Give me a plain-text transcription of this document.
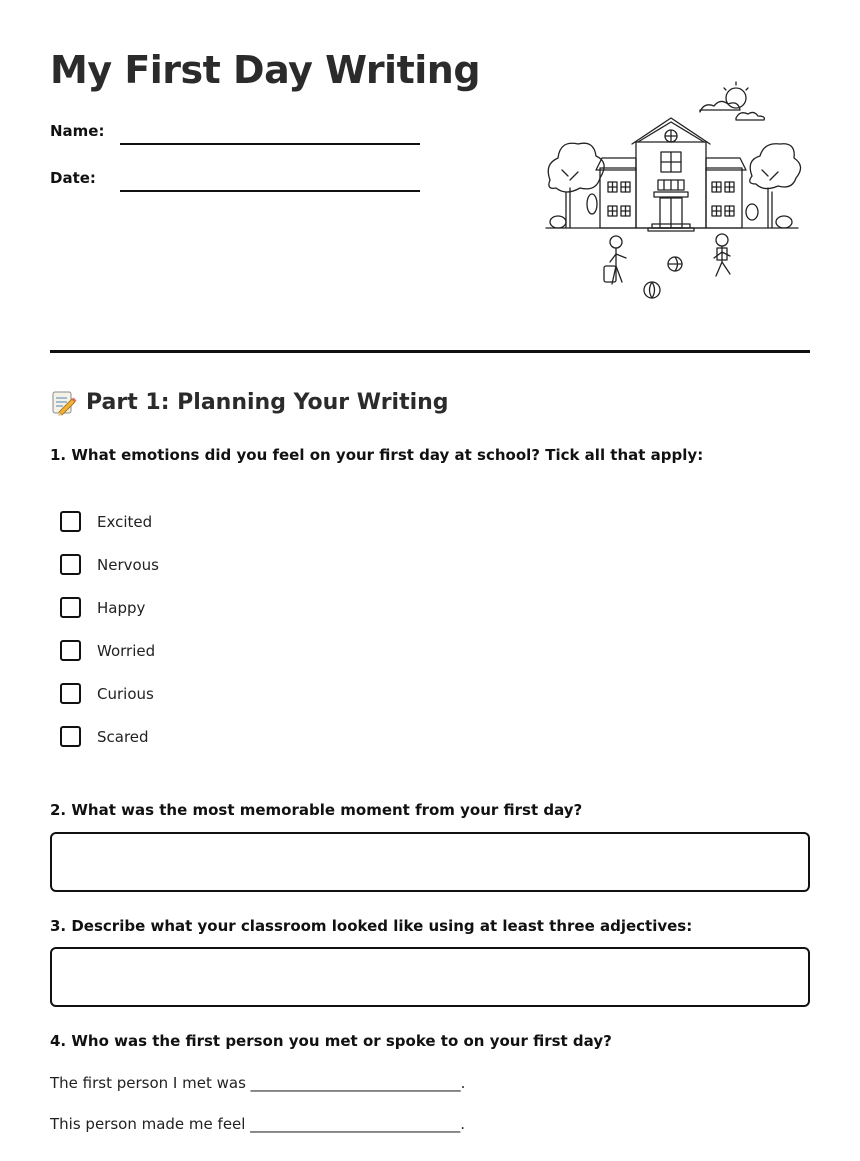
My First Day Writing
Name:
Date:
Part 1: Planning Your Writing
1. What emotions did you feel on your first day at school? Tick all that apply:
Excited
Nervous
Happy
Worried
Curious
Scared
2. What was the most memorable moment from your first day?
3. Describe what your classroom looked like using at least three adjectives:
4. Who was the first person you met or spoke to on your first day?
The first person I met was ____________________________.
This person made me feel ____________________________.
